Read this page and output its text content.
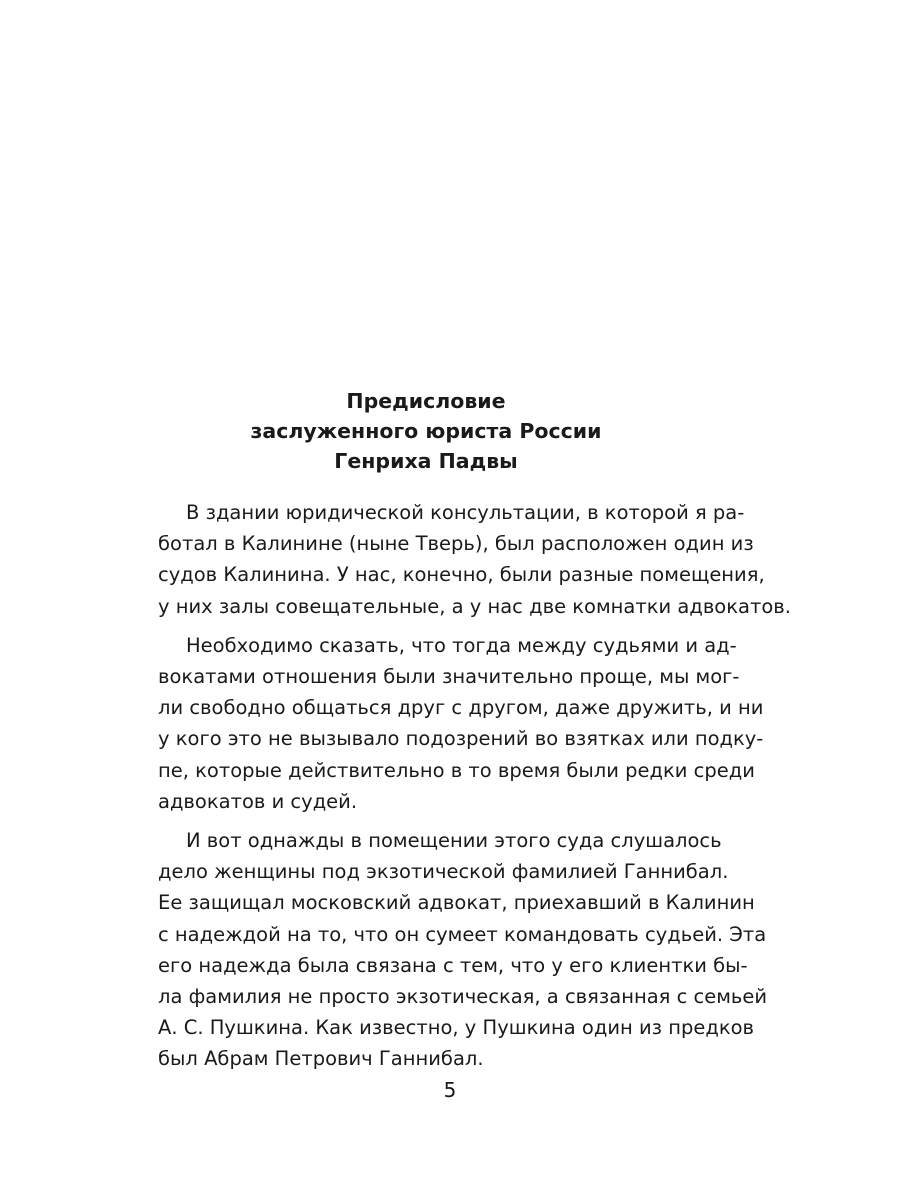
Предисловие
заслуженного юриста России
Генриха Падвы
В здании юридической консультации, в которой я ра-
ботал в Калинине (ныне Тверь), был расположен один из
судов Калинина. У нас, конечно, были разные помещения,
у них залы совещательные, а у нас две комнатки адвокатов.
Необходимо сказать, что тогда между судьями и ад-
вокатами отношения были значительно проще, мы мог-
ли свободно общаться друг с другом, даже дружить, и ни
у кого это не вызывало подозрений во взятках или подку-
пе, которые действительно в то время были редки среди
адвокатов и судей.
И вот однажды в помещении этого суда слушалось
дело женщины под экзотической фамилией Ганнибал.
Ее защищал московский адвокат, приехавший в Калинин
с надеждой на то, что он сумеет командовать судьей. Эта
его надежда была связана с тем, что у его клиентки бы-
ла фамилия не просто экзотическая, а связанная с семьей
А. С. Пушкина. Как известно, у Пушкина один из предков
был Абрам Петрович Ганнибал.
5
